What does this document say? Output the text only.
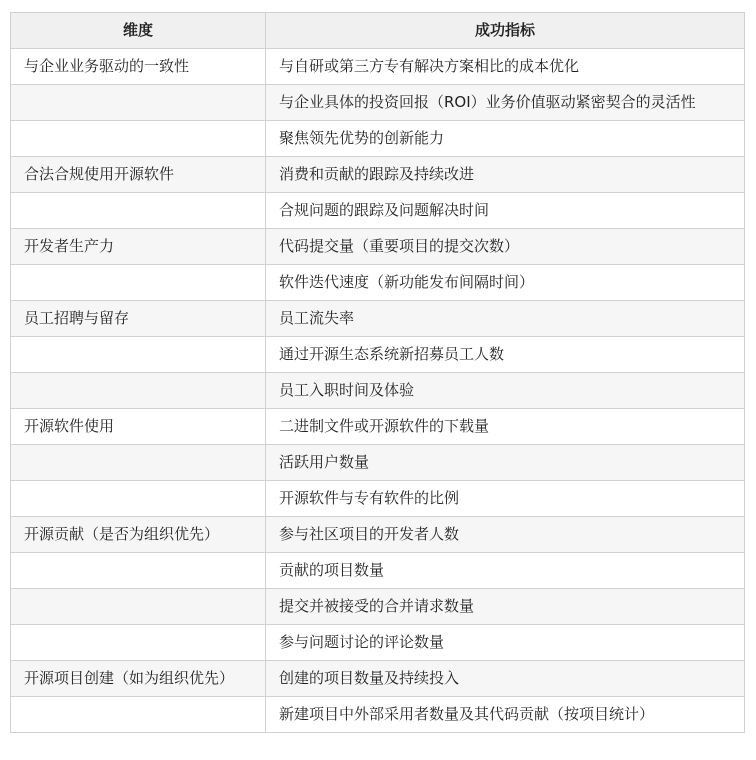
维度	成功指标
与企业业务驱动的一致性	与自研或第三方专有解决方案相比的成本优化
	与企业具体的投资回报（ROI）业务价值驱动紧密契合的灵活性
	聚焦领先优势的创新能力
合法合规使用开源软件	消费和贡献的跟踪及持续改进
	合规问题的跟踪及问题解决时间
开发者生产力	代码提交量（重要项目的提交次数）
	软件迭代速度（新功能发布间隔时间）
员工招聘与留存	员工流失率
	通过开源生态系统新招募员工人数
	员工入职时间及体验
开源软件使用	二进制文件或开源软件的下载量
	活跃用户数量
	开源软件与专有软件的比例
开源贡献（是否为组织优先）	参与社区项目的开发者人数
	贡献的项目数量
	提交并被接受的合并请求数量
	参与问题讨论的评论数量
开源项目创建（如为组织优先）	创建的项目数量及持续投入
	新建项目中外部采用者数量及其代码贡献（按项目统计）
